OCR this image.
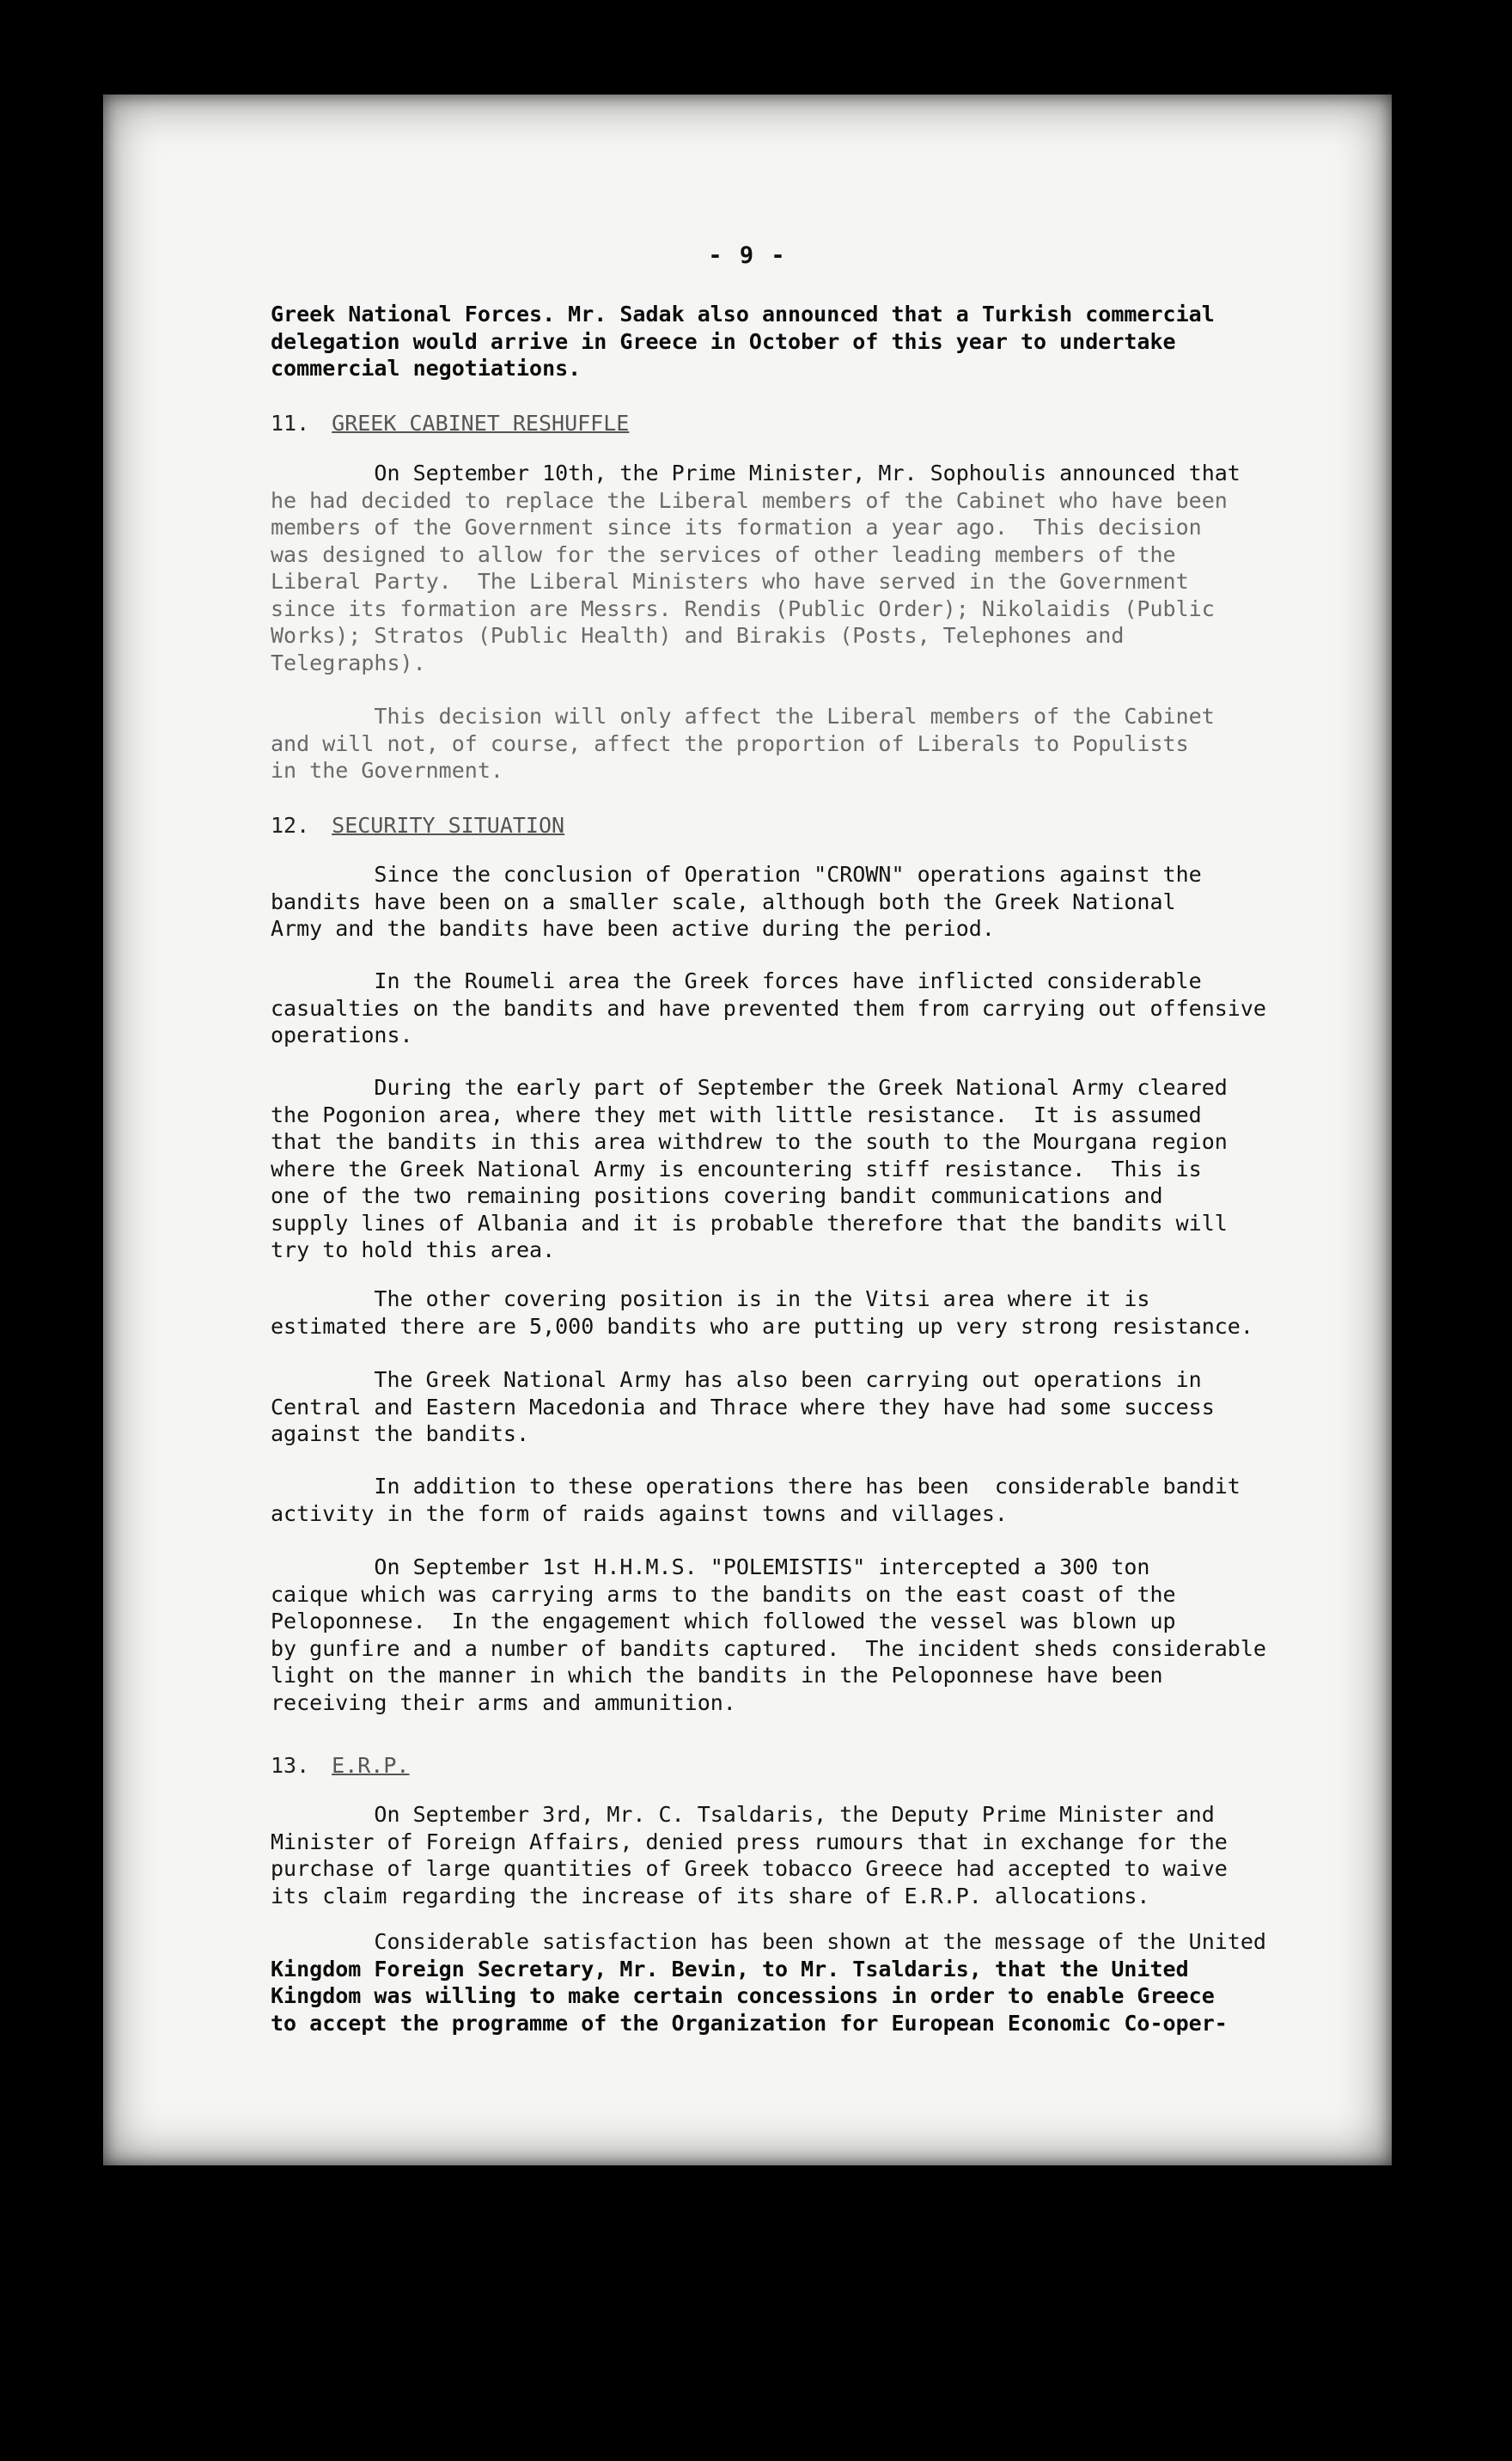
- 9 -
Greek National Forces. Mr. Sadak also announced that a Turkish commercial
delegation would arrive in Greece in October of this year to undertake
commercial negotiations.
11. GREEK CABINET RESHUFFLE
On September 10th, the Prime Minister, Mr. Sophoulis announced that
he had decided to replace the Liberal members of the Cabinet who have been
members of the Government since its formation a year ago.  This decision
was designed to allow for the services of other leading members of the
Liberal Party.  The Liberal Ministers who have served in the Government
since its formation are Messrs. Rendis (Public Order); Nikolaidis (Public
Works); Stratos (Public Health) and Birakis (Posts, Telephones and
Telegraphs).
This decision will only affect the Liberal members of the Cabinet
and will not, of course, affect the proportion of Liberals to Populists
in the Government.
12. SECURITY SITUATION
Since the conclusion of Operation "CROWN" operations against the
bandits have been on a smaller scale, although both the Greek National
Army and the bandits have been active during the period.
In the Roumeli area the Greek forces have inflicted considerable
casualties on the bandits and have prevented them from carrying out offensive
operations.
During the early part of September the Greek National Army cleared
the Pogonion area, where they met with little resistance.  It is assumed
that the bandits in this area withdrew to the south to the Mourgana region
where the Greek National Army is encountering stiff resistance.  This is
one of the two remaining positions covering bandit communications and
supply lines of Albania and it is probable therefore that the bandits will
try to hold this area.
The other covering position is in the Vitsi area where it is
estimated there are 5,000 bandits who are putting up very strong resistance.
The Greek National Army has also been carrying out operations in
Central and Eastern Macedonia and Thrace where they have had some success
against the bandits.
In addition to these operations there has been  considerable bandit
activity in the form of raids against towns and villages.
On September 1st H.H.M.S. "POLEMISTIS" intercepted a 300 ton
caique which was carrying arms to the bandits on the east coast of the
Peloponnese.  In the engagement which followed the vessel was blown up
by gunfire and a number of bandits captured.  The incident sheds considerable
light on the manner in which the bandits in the Peloponnese have been
receiving their arms and ammunition.
13. E.R.P.
On September 3rd, Mr. C. Tsaldaris, the Deputy Prime Minister and
Minister of Foreign Affairs, denied press rumours that in exchange for the
purchase of large quantities of Greek tobacco Greece had accepted to waive
its claim regarding the increase of its share of E.R.P. allocations.
Considerable satisfaction has been shown at the message of the United
Kingdom Foreign Secretary, Mr. Bevin, to Mr. Tsaldaris, that the United
Kingdom was willing to make certain concessions in order to enable Greece
to accept the programme of the Organization for European Economic Co-oper-
